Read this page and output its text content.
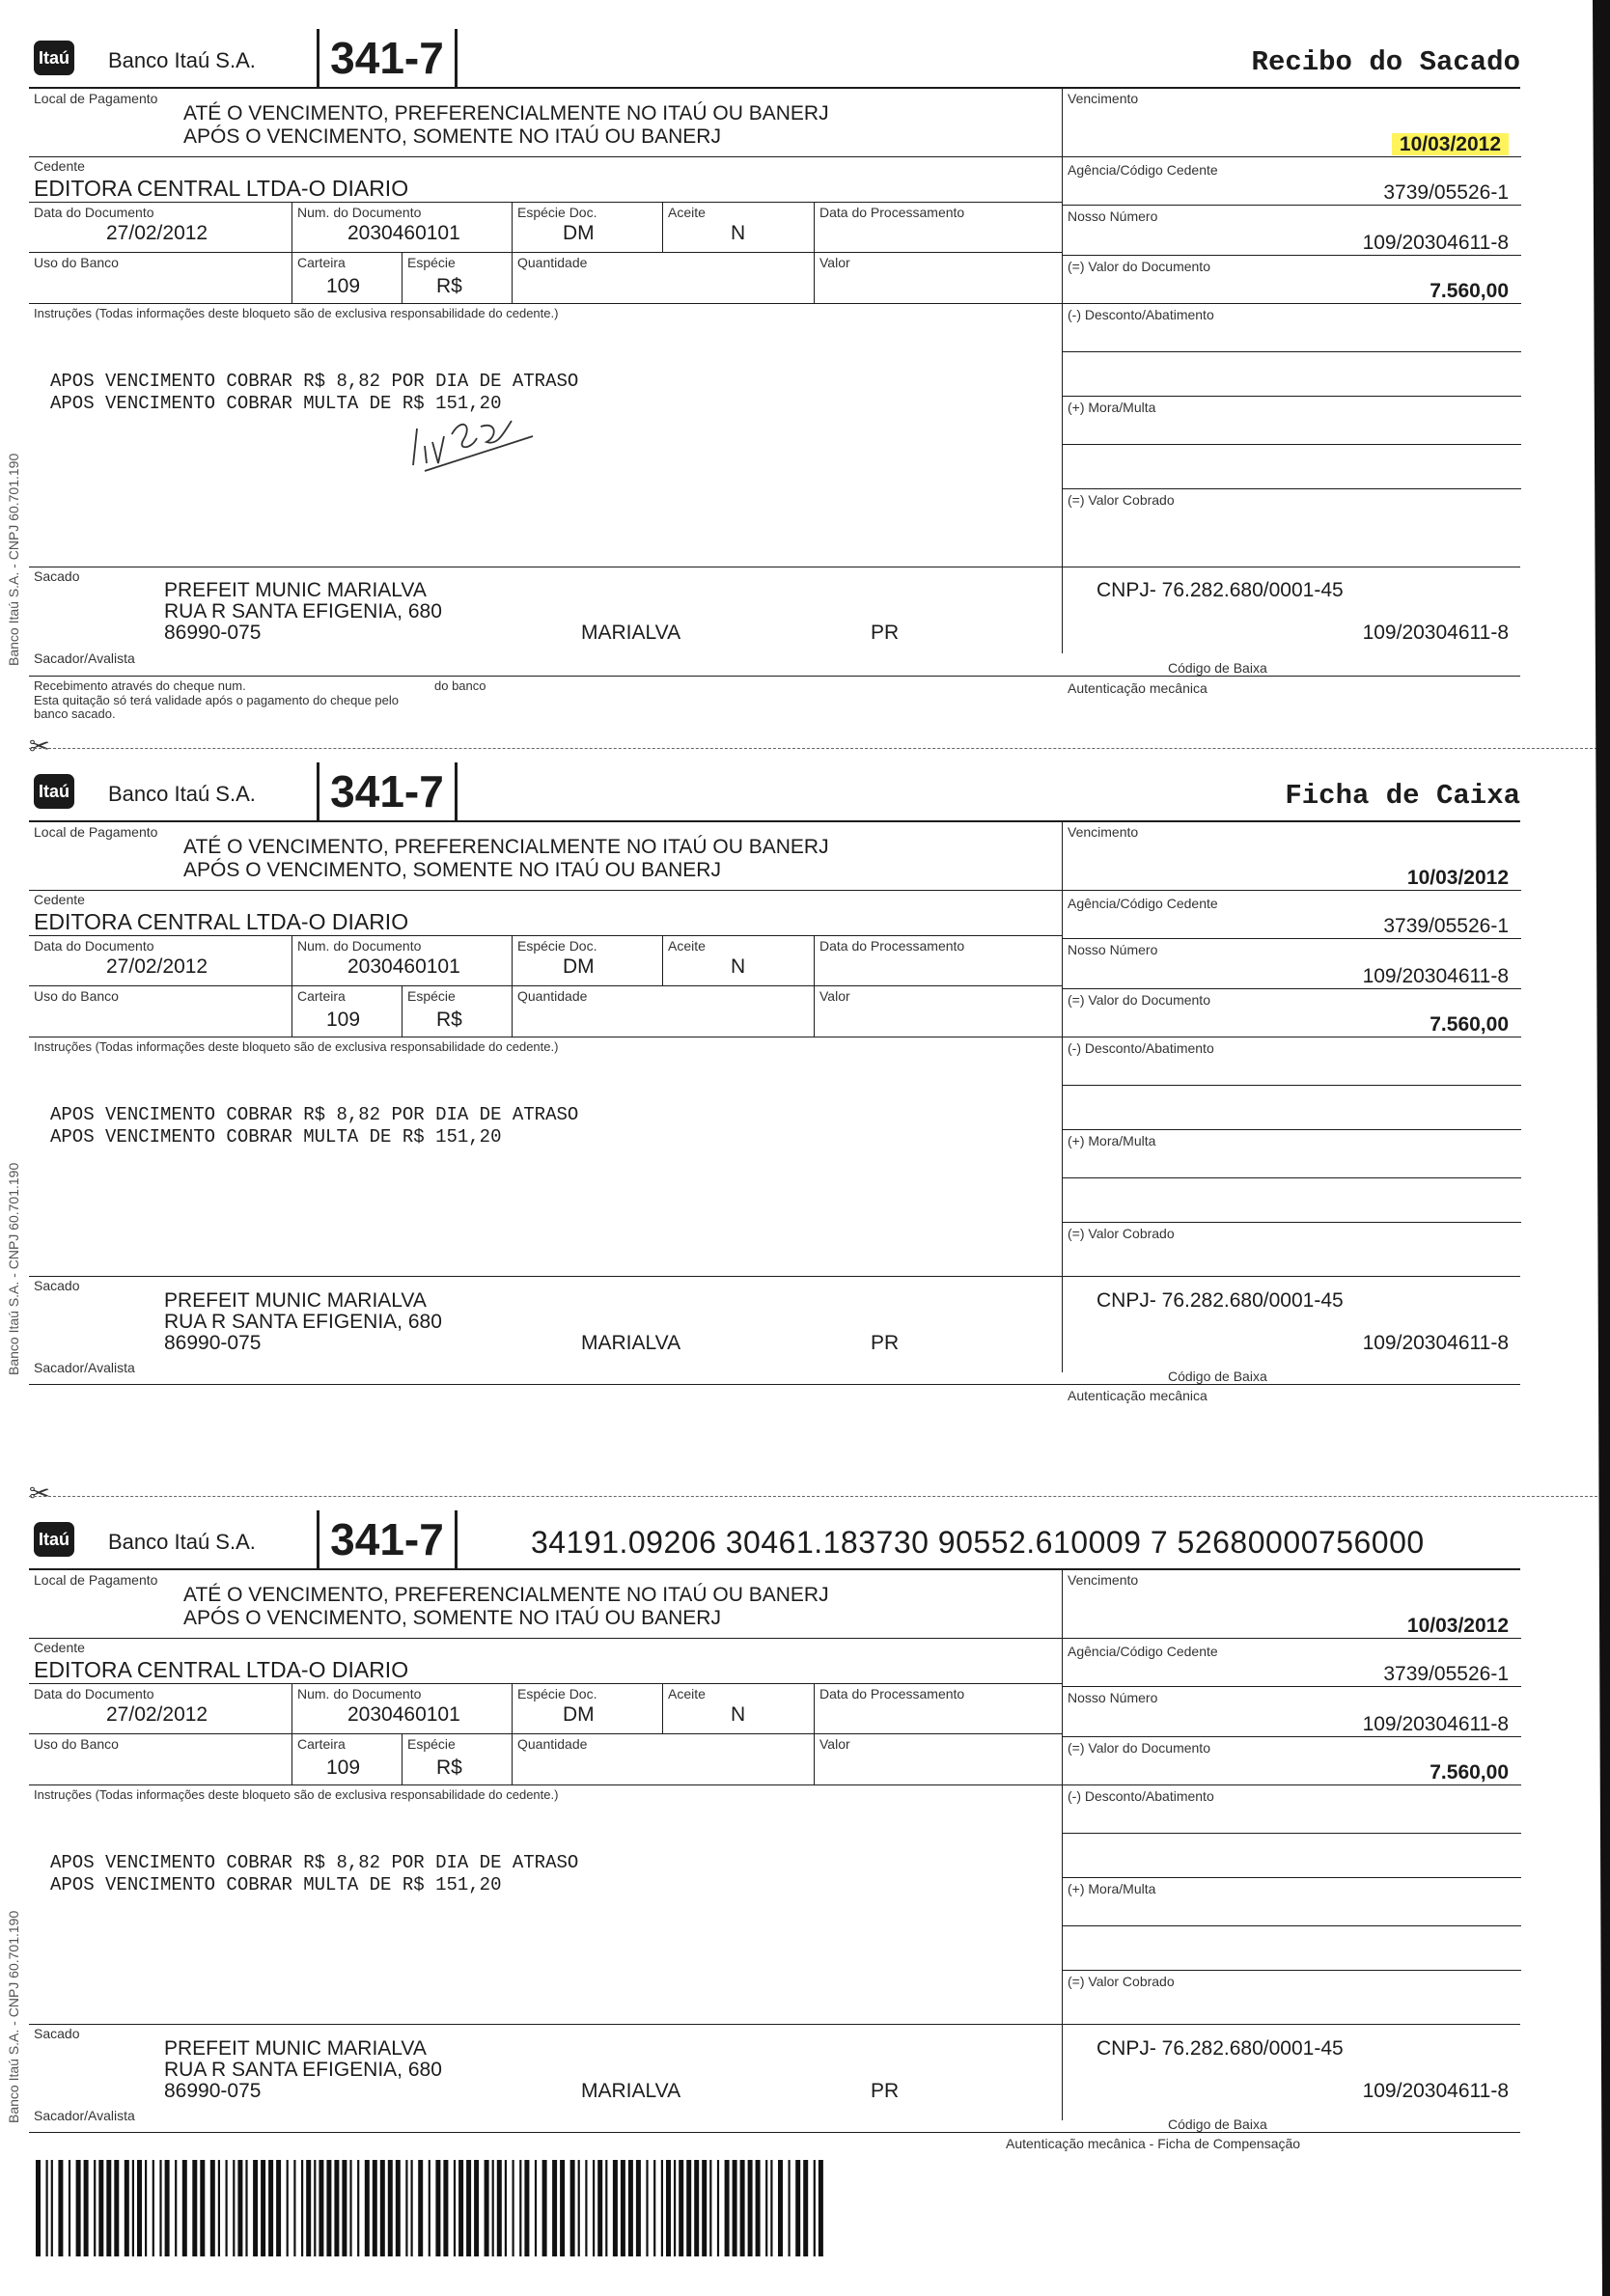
Itaú Banco Itaú S.A.	341-7	Recibo do Sacado
Local de Pagamento
ATÉ O VENCIMENTO, PREFERENCIALMENTE NO ITAÚ OU BANERJ
APÓS O VENCIMENTO, SOMENTE NO ITAÚ OU BANERJ
Cedente
EDITORA CENTRAL LTDA-O DIARIO
Data do Documento
27/02/2012
Num. do Documento
2030460101
Espécie Doc.
DM
Aceite
N
Data do Processamento
Uso do Banco	Carteira
109
Espécie
R$
Quantidade	Valor
Instruções (Todas informações deste bloqueto são de exclusiva responsabilidade do cedente.)
APOS VENCIMENTO COBRAR R$ 8,82 POR DIA DE ATRASO
APOS VENCIMENTO COBRAR MULTA DE R$ 151,20
Vencimento
10/03/2012
Agência/Código Cedente
3739/05526-1
Nosso Número
109/20304611-8
(=) Valor do Documento
7.560,00
(-) Desconto/Abatimento
(+) Mora/Multa
(=) Valor Cobrado
Sacado
PREFEIT MUNIC MARIALVA
RUA R SANTA EFIGENIA, 680
86990-075	MARIALVA	PR
CNPJ- 76.282.680/0001-45
109/20304611-8
Sacador/Avalista
Código de Baixa
Recebimento através do cheque num.	do banco
Esta quitação só terá validade após o pagamento do cheque pelo
banco sacado.
Autenticação mecânica
Banco Itaú S.A. - CNPJ 60.701.190
✂
Itaú Banco Itaú S.A.	341-7	Ficha de Caixa
Local de Pagamento
ATÉ O VENCIMENTO, PREFERENCIALMENTE NO ITAÚ OU BANERJ
APÓS O VENCIMENTO, SOMENTE NO ITAÚ OU BANERJ
Cedente
EDITORA CENTRAL LTDA-O DIARIO
Data do Documento
27/02/2012
Num. do Documento
2030460101
Espécie Doc.
DM
Aceite
N
Data do Processamento
Uso do Banco	Carteira
109
Espécie
R$
Quantidade	Valor
Instruções (Todas informações deste bloqueto são de exclusiva responsabilidade do cedente.)
APOS VENCIMENTO COBRAR R$ 8,82 POR DIA DE ATRASO
APOS VENCIMENTO COBRAR MULTA DE R$ 151,20
Vencimento
10/03/2012
Agência/Código Cedente
3739/05526-1
Nosso Número
109/20304611-8
(=) Valor do Documento
7.560,00
(-) Desconto/Abatimento
(+) Mora/Multa
(=) Valor Cobrado
Sacado
PREFEIT MUNIC MARIALVA
RUA R SANTA EFIGENIA, 680
86990-075	MARIALVA	PR
CNPJ- 76.282.680/0001-45
109/20304611-8
Sacador/Avalista
Código de Baixa
Autenticação mecânica
Banco Itaú S.A. - CNPJ 60.701.190
✂
Itaú Banco Itaú S.A.	341-7	34191.09206 30461.183730 90552.610009 7 52680000756000
Local de Pagamento
ATÉ O VENCIMENTO, PREFERENCIALMENTE NO ITAÚ OU BANERJ
APÓS O VENCIMENTO, SOMENTE NO ITAÚ OU BANERJ
Cedente
EDITORA CENTRAL LTDA-O DIARIO
Data do Documento
27/02/2012
Num. do Documento
2030460101
Espécie Doc.
DM
Aceite
N
Data do Processamento
Uso do Banco	Carteira
109
Espécie
R$
Quantidade	Valor
Instruções (Todas informações deste bloqueto são de exclusiva responsabilidade do cedente.)
APOS VENCIMENTO COBRAR R$ 8,82 POR DIA DE ATRASO
APOS VENCIMENTO COBRAR MULTA DE R$ 151,20
Vencimento
10/03/2012
Agência/Código Cedente
3739/05526-1
Nosso Número
109/20304611-8
(=) Valor do Documento
7.560,00
(-) Desconto/Abatimento
(+) Mora/Multa
(=) Valor Cobrado
Sacado
PREFEIT MUNIC MARIALVA
RUA R SANTA EFIGENIA, 680
86990-075	MARIALVA	PR
CNPJ- 76.282.680/0001-45
109/20304611-8
Sacador/Avalista
Código de Baixa
Autenticação mecânica - Ficha de Compensação
Banco Itaú S.A. - CNPJ 60.701.190
